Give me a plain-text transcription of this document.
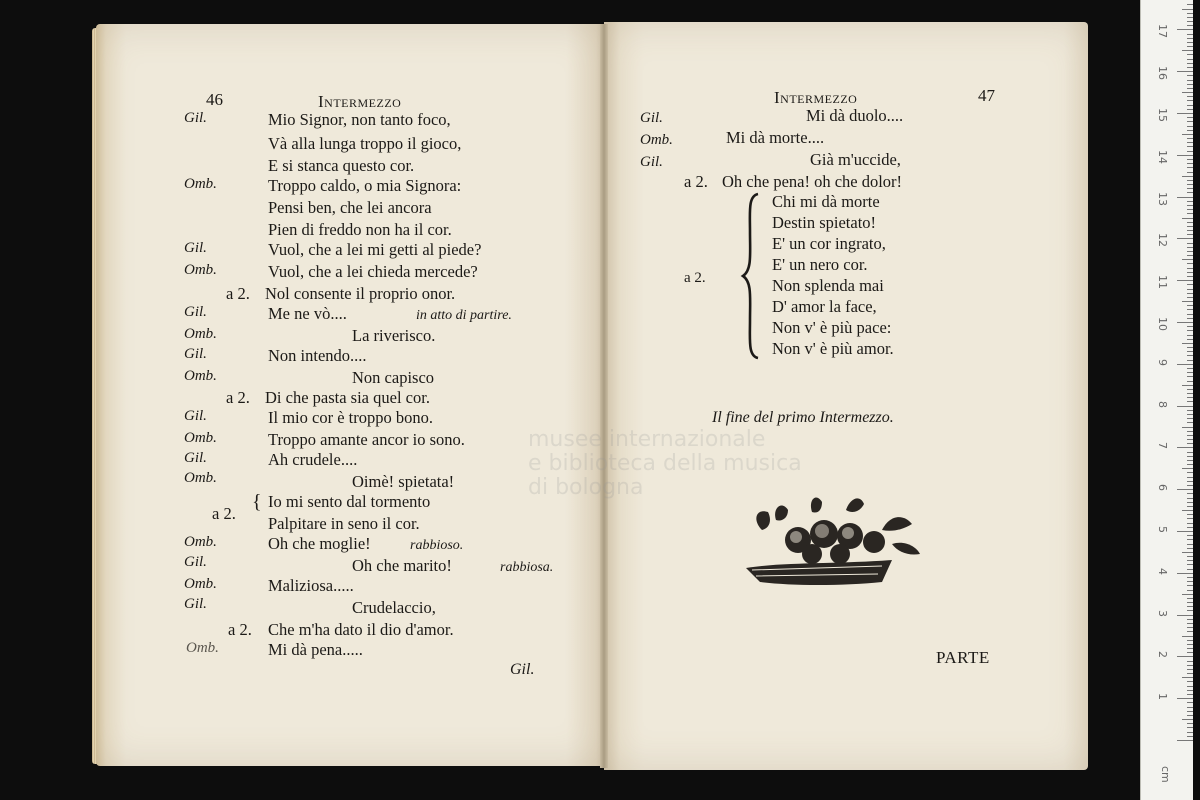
46	Intermezzo
Gil.	Mio Signor, non tanto foco,
Và alla lunga troppo il gioco,
E si stanca questo cor.
Omb.	Troppo caldo, o mia Signora:
Pensi ben, che lei ancora
Pien di freddo non ha il cor.
Gil.	Vuol, che a lei mi getti al piede?
Omb.	Vuol, che a lei chieda mercede?
a 2. Nol consente il proprio onor.
Gil.	Me ne vò....	in atto di partire.
Omb.	La riverisco.
Gil.	Non intendo....
Omb.	Non capisco
a 2. Di che pasta sia quel cor.
Gil.	Il mio cor è troppo bono.
Omb.	Troppo amante ancor io sono.
Gil.	Ah crudele....
Omb.	Oimè! spietata!
a 2.
{ Io mi sento dal tormento
Palpitare in seno il cor.
Omb.	Oh che moglie!	rabbioso.
Gil.	Oh che marito!	rabbiosa.
Omb.	Maliziosa.....
Gil.	Crudelaccio,
a 2. Che m'ha dato il dio d'amor.
Omb.	Mi dà pena.....
Gil.
Intermezzo	47
Gil.	Mi dà duolo....
Omb.	Mi dà morte....
Gil.	Già m'uccide,
a 2. Oh che pena! oh che dolor!
a 2.
Chi mi dà morte
Destin spietato!
E' un cor ingrato,
E' un nero cor.
Non splenda mai
D' amor la face,
Non v' è più pace:
Non v' è più amor.
Il fine del primo Intermezzo.
PARTE
musee internazionale
e biblioteca della musica
di bologna
1
2
3
4
5
6
7
8
9
10
11
12
13
14
15
16
17
cm
